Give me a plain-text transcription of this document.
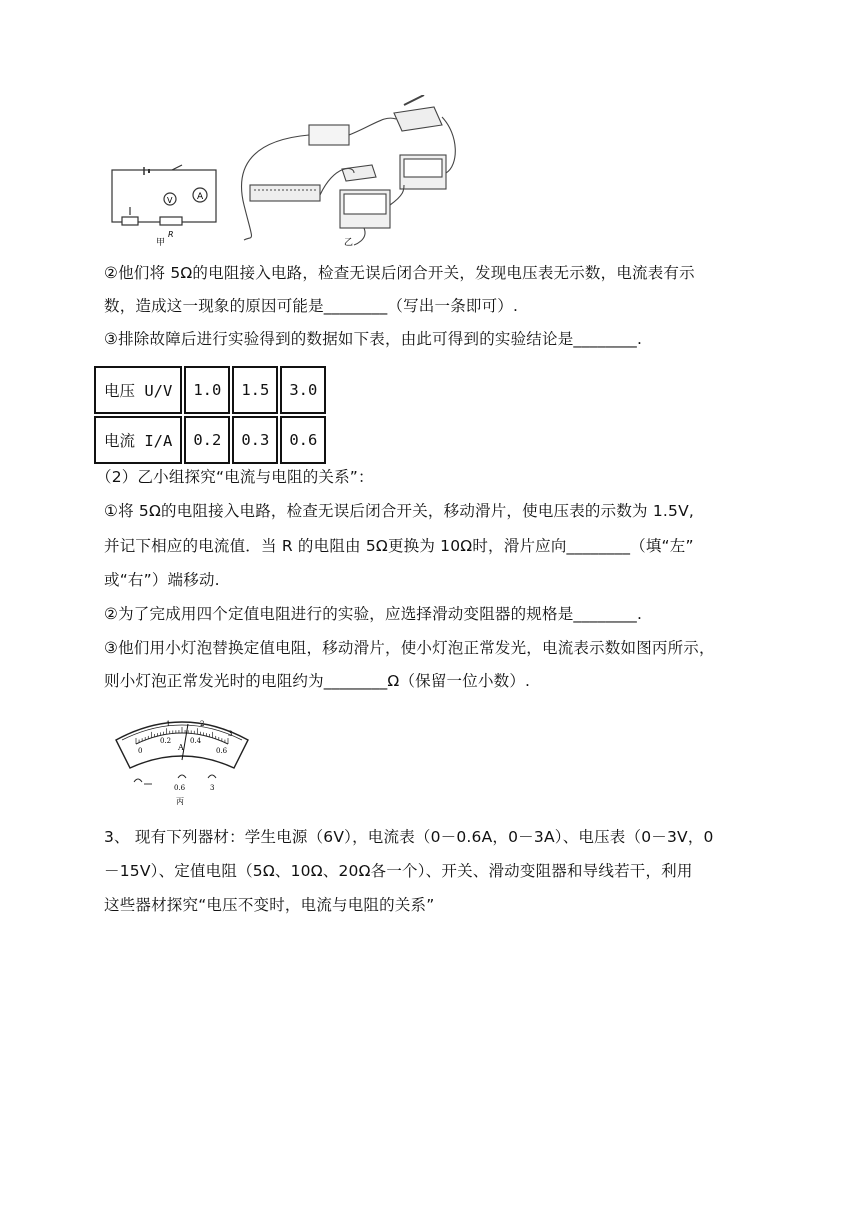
A
V
R
甲	乙
②他们将 5Ω的电阻接入电路，检查无误后闭合开关，发现电压表无示数，电流表有示
数，造成这一现象的原因可能是________（写出一条即可）.
③排除故障后进行实验得到的数据如下表，由此可得到的实验结论是________.
电压 U/V	1.0	1.5	3.0
电流 I/A	0.2	0.3	0.6
（2）乙小组探究“电流与电阻的关系”：
①将 5Ω的电阻接入电路，检查无误后闭合开关，移动滑片，使电压表的示数为 1.5V,
并记下相应的电流值．当 R 的电阻由 5Ω更换为 10Ω时，滑片应向________（填“左”
或“右”）端移动.
②为了完成用四个定值电阻进行的实验，应选择滑动变阻器的规格是________.
③他们用小灯泡替换定值电阻，移动滑片，使小灯泡正常发光，电流表示数如图丙所示，
则小灯泡正常发光时的电阻约为________Ω（保留一位小数）.
1	2
3
0
0.2	0.4
0.6
A
0.6	3
丙
3、 现有下列器材：学生电源（6V），电流表（0－0.6A，0－3A）、电压表（0－3V，0
－15V）、定值电阻（5Ω、10Ω、20Ω各一个）、开关、滑动变阻器和导线若干，利用
这些器材探究“电压不变时，电流与电阻的关系”
